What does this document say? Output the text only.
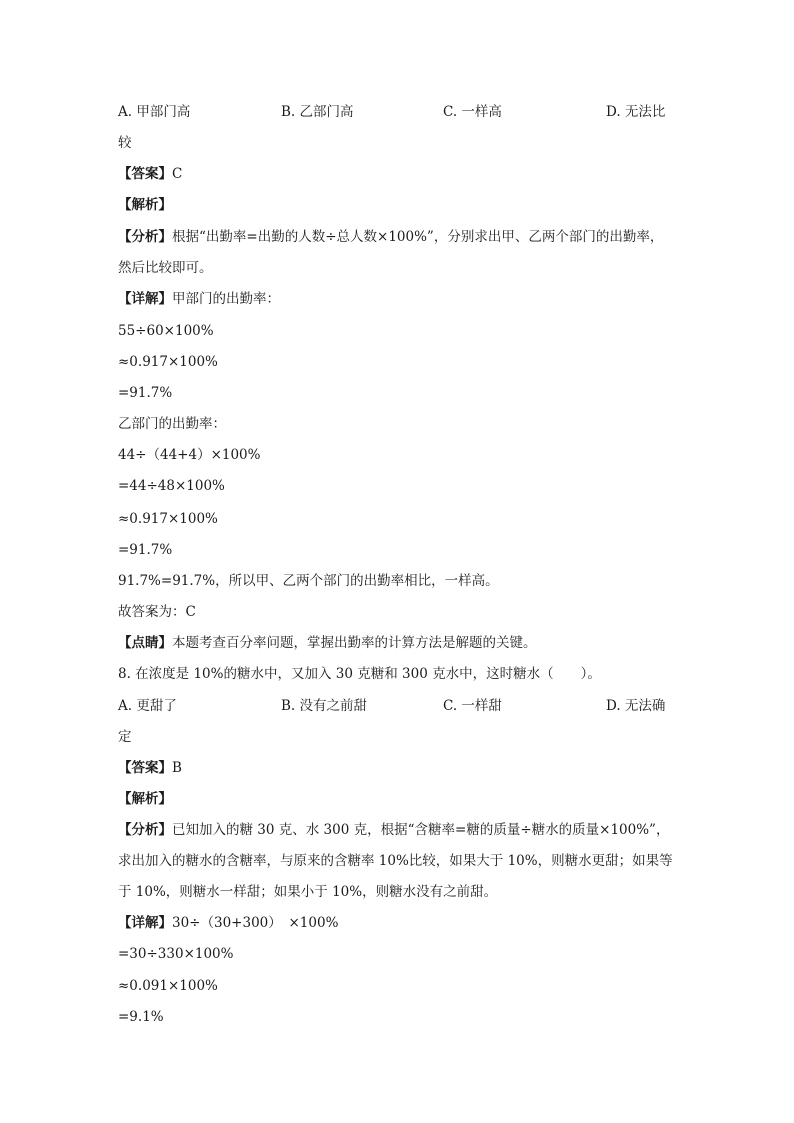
A. 甲部门高	B. 乙部门高	C. 一样高	D. 无法比
较
【答案】C
【解析】
【分析】根据“出勤率=出勤的人数÷总人数×100%”，分别求出甲、乙两个部门的出勤率，
然后比较即可。
【详解】甲部门的出勤率：
55÷60×100%
≈0.917×100%
=91.7%
乙部门的出勤率：
44÷（44+4）×100%
=44÷48×100%
≈0.917×100%
=91.7%
91.7%=91.7%，所以甲、乙两个部门的出勤率相比，一样高。
故答案为：C
【点睛】本题考查百分率问题，掌握出勤率的计算方法是解题的关键。
8. 在浓度是 10%的糖水中，又加入 30 克糖和 300 克水中，这时糖水（　　）。
A. 更甜了	B. 没有之前甜	C. 一样甜	D. 无法确
定
【答案】B
【解析】
【分析】已知加入的糖 30 克、水 300 克，根据“含糖率=糖的质量÷糖水的质量×100%”，
求出加入的糖水的含糖率，与原来的含糖率 10%比较，如果大于 10%，则糖水更甜；如果等
于 10%，则糖水一样甜；如果小于 10%，则糖水没有之前甜。
【详解】30÷（30+300）　×100%
=30÷330×100%
≈0.091×100%
=9.1%
